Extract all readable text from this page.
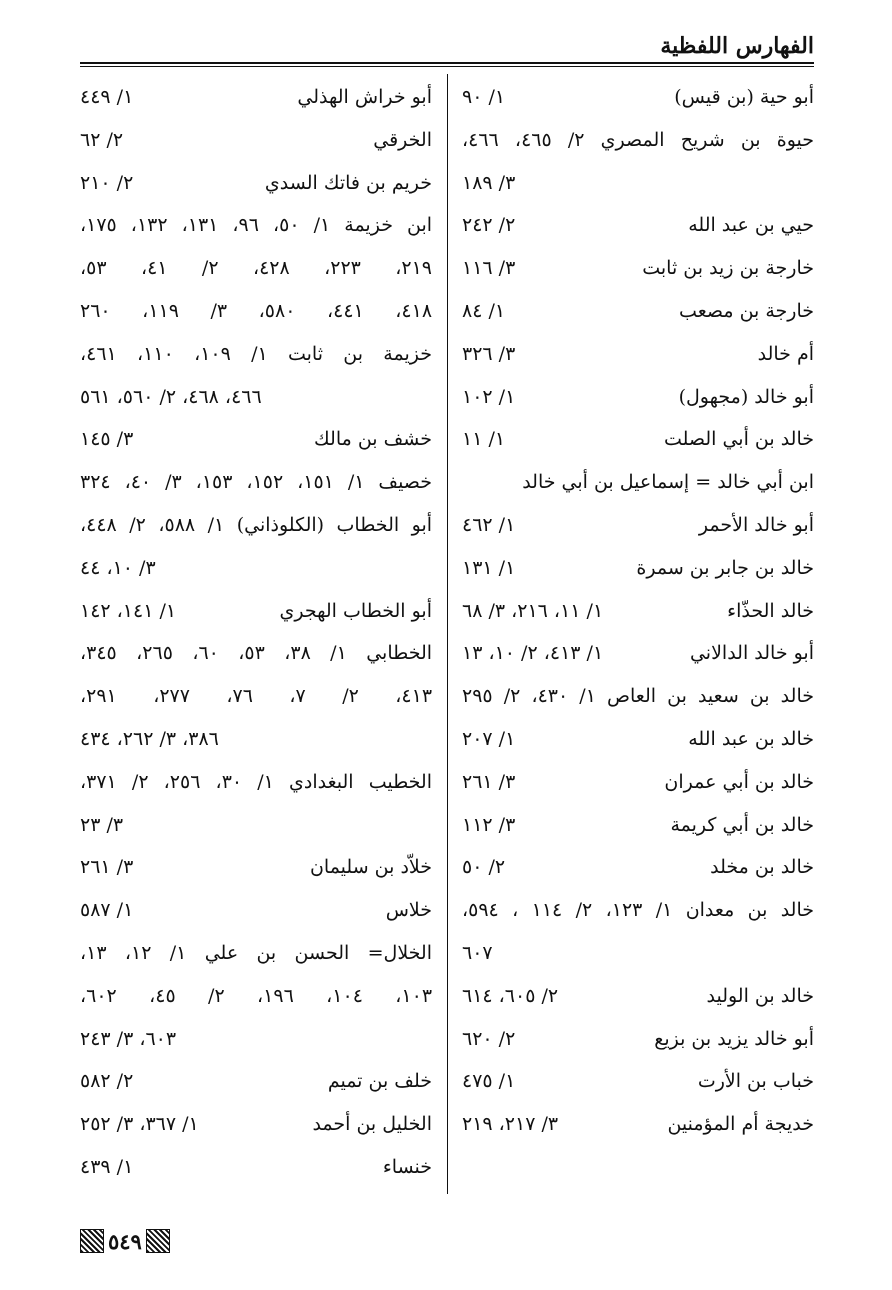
الفهارس اللفظية
أبو حية (بن قيس)
١/ ٩٠
حيوة بن شريح المصري ٢/ ٤٦٥، ٤٦٦،
٣/ ١٨٩
حيي بن عبد الله
٢/ ٢٤٢
خارجة بن زيد بن ثابت
٣/ ١١٦
خارجة بن مصعب
١/ ٨٤
أم خالد
٣/ ٣٢٦
أبو خالد (مجهول)
١/ ١٠٢
خالد بن أبي الصلت
١/ ١١
ابن أبي خالد = إسماعيل بن أبي خالد
أبو خالد الأحمر
١/ ٤٦٢
خالد بن جابر بن سمرة
١/ ١٣١
خالد الحذّاء
١/ ١١، ٢١٦، ٣/ ٦٨
أبو خالد الدالاني
١/ ٤١٣، ٢/ ١٠، ١٣
خالد بن سعيد بن العاص ١/ ٤٣٠، ٢/ ٢٩٥
خالد بن عبد الله
١/ ٢٠٧
خالد بن أبي عمران
٣/ ٢٦١
خالد بن أبي كريمة
٣/ ١١٢
خالد بن مخلد
٢/ ٥٠
خالد بن معدان ١/ ١٢٣، ٢/ ١١٤ ، ٥٩٤،
٦٠٧
خالد بن الوليد
٢/ ٦٠٥، ٦١٤
أبو خالد يزيد بن بزيع
٢/ ٦٢٠
خباب بن الأرت
١/ ٤٧٥
خديجة أم المؤمنين
٣/ ٢١٧، ٢١٩
أبو خراش الهذلي
١/ ٤٤٩
الخرقي
٢/ ٦٢
خريم بن فاتك السدي
٢/ ٢١٠
ابن خزيمة ١/ ٥٠، ٩٦، ١٣١، ١٣٢، ١٧٥،
٢١٩، ٢٢٣، ٤٢٨، ٢/ ٤١، ٥٣،
٤١٨، ٤٤١، ٥٨٠، ٣/ ١١٩، ٢٦٠
خزيمة بن ثابت ١/ ١٠٩، ١١٠، ٤٦١،
٤٦٦، ٤٦٨، ٢/ ٥٦٠، ٥٦١
خشف بن مالك
٣/ ١٤٥
خصيف ١/ ١٥١، ١٥٢، ١٥٣، ٣/ ٤٠، ٣٢٤
أبو الخطاب (الكلوذاني) ١/ ٥٨٨، ٢/ ٤٤٨،
٣/ ١٠، ٤٤
أبو الخطاب الهجري
١/ ١٤١، ١٤٢
الخطابي ١/ ٣٨، ٥٣، ٦٠، ٢٦٥، ٣٤٥،
٤١٣، ٢/ ٧، ٧٦، ٢٧٧، ٢٩١،
٣٨٦، ٣/ ٢٦٢، ٤٣٤
الخطيب البغدادي ١/ ٣٠، ٢٥٦، ٢/ ٣٧١،
٣/ ٢٣
خلاّد بن سليمان
٣/ ٢٦١
خلاس
١/ ٥٨٧
الخلال= الحسن بن علي ١/ ١٢، ١٣،
١٠٣، ١٠٤، ١٩٦، ٢/ ٤٥، ٦٠٢،
٦٠٣، ٣/ ٢٤٣
خلف بن تميم
٢/ ٥٨٢
الخليل بن أحمد
١/ ٣٦٧، ٣/ ٢٥٢
خنساء
١/ ٤٣٩
٥٤٩
